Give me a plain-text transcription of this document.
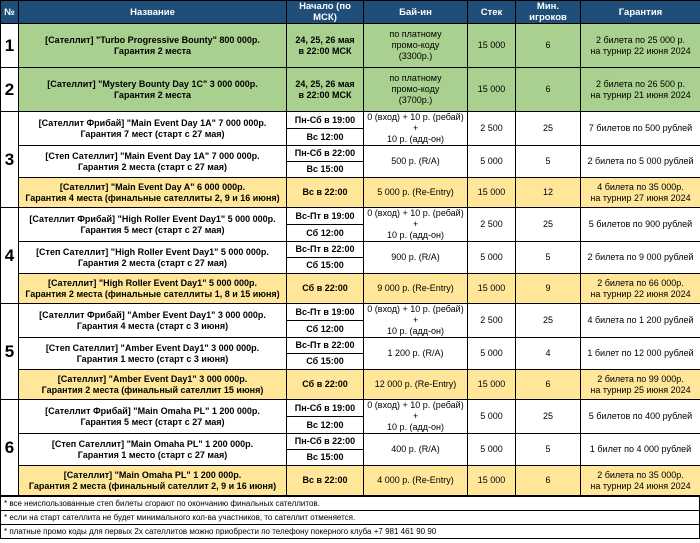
№	Название	Начало (по МСК)	Бай-ин	Стек	Мин. игроков	Гарантия
1	[Сателлит] "Turbo Progressive Bounty" 800 000р.
Гарантия 2 места	24, 25, 26 мая
в 22:00 МСК	по платному
промо-коду
(3300р.)	15 000	6	2 билета по 25 000 р.
на турнир 22 июня 2024
2	[Сателлит] "Mystery Bounty Day 1C" 3 000 000р.
Гарантия 2 места	24, 25, 26 мая
в 22:00 МСК	по платному
промо-коду
(3700р.)	15 000	6	2 билета по 26 500 р.
на турнир 21 июня 2024
3	[Сателлит Фрибай] "Main Event Day 1A" 7 000 000р.
Гарантия 7 мест (старт с 27 мая)	Пн-Сб в 19:00	0 (вход) + 10 р. (ребай) +
10 р. (адд-он)	2 500	25	7 билетов по 500 рублей
		Вс 12:00				
	[Степ Сателлит] "Main Event Day 1A" 7 000 000р.
Гарантия 2 места (старт с 27 мая)	Пн-Сб в 22:00	500 р. (R/A)	5 000	5	2 билета по 5 000 рублей
		Вс 15:00				
	[Сателлит] "Main Event Day A" 6 000 000р.
Гарантия 4 места (финальные сателлиты 2, 9 и 16 июня)	Вс в 22:00	5 000 р. (Re-Entry)	15 000	12	4 билета по 35 000р.
на турнир 27 июня 2024
4	[Сателлит Фрибай] "High Roller Event Day1" 5 000 000р.
Гарантия 5 мест (старт с 27 мая)	Вс-Пт в 19:00	0 (вход) + 10 р. (ребай) +
10 р. (адд-он)	2 500	25	5 билетов по 900 рублей
		Сб 12:00				
	[Степ Сателлит] "High Roller Event Day1" 5 000 000р.
Гарантия 2 места (старт с 27 мая)	Вс-Пт в 22:00	900 р. (R/A)	5 000	5	2 билета по 9 000 рублей
		Сб 15:00				
	[Сателлит] "High Roller Event Day1" 5 000 000р.
Гарантия 2 места (финальные сателлиты 1, 8 и 15 июня)	Сб в 22:00	9 000 р. (Re-Entry)	15 000	9	2 билета по 66 000р.
на турнир 22 июня 2024
5	[Сателлит Фрибай] "Amber Event Day1" 3 000 000р.
Гарантия 4 места (старт с 3 июня)	Вс-Пт в 19:00	0 (вход) + 10 р. (ребай) +
10 р. (адд-он)	2 500	25	4 билета по 1 200 рублей
		Сб 12:00				
	[Степ Сателлит] "Amber Event Day1" 3 000 000р.
Гарантия 1 место (старт с 3 июня)	Вс-Пт в 22:00	1 200 р. (R/A)	5 000	4	1 билет по 12 000 рублей
		Сб 15:00				
	[Сателлит] "Amber Event Day1" 3 000 000р.
Гарантия 2 места (финальный сателлит 15 июня)	Сб в 22:00	12 000 р. (Re-Entry)	15 000	6	2 билета по 99 000р.
на турнир 25 июня 2024
6	[Сателлит Фрибай] "Main Omaha PL" 1 200 000р.
Гарантия 5 мест (старт с 27 мая)	Пн-Сб в 19:00	0 (вход) + 10 р. (ребай) +
10 р. (адд-он)	5 000	25	5 билетов по 400 рублей
		Вс 12:00				
	[Степ Сателлит] "Main Omaha PL" 1 200 000р.
Гарантия 1 место (старт с 27 мая)	Пн-Сб в 22:00	400 р. (R/A)	5 000	5	1 билет по 4 000 рублей
		Вс 15:00				
	[Сателлит] "Main Omaha PL" 1 200 000р.
Гарантия 2 места (финальный сателлит 2, 9 и 16 июня)	Вс в 22:00	4 000 р. (Re-Entry)	15 000	6	2 билета по 35 000р.
на турнир 24 июня 2024
* все неиспользованные степ билеты сгорают по окончанию финальных сателлитов.
* если на старт сателлита не будет минимального кол-ва участников, то сателлит отменяется.
* платные промо коды для первых 2х сателлитов можно приобрести по телефону покерного клуба +7 981 461 90 90
